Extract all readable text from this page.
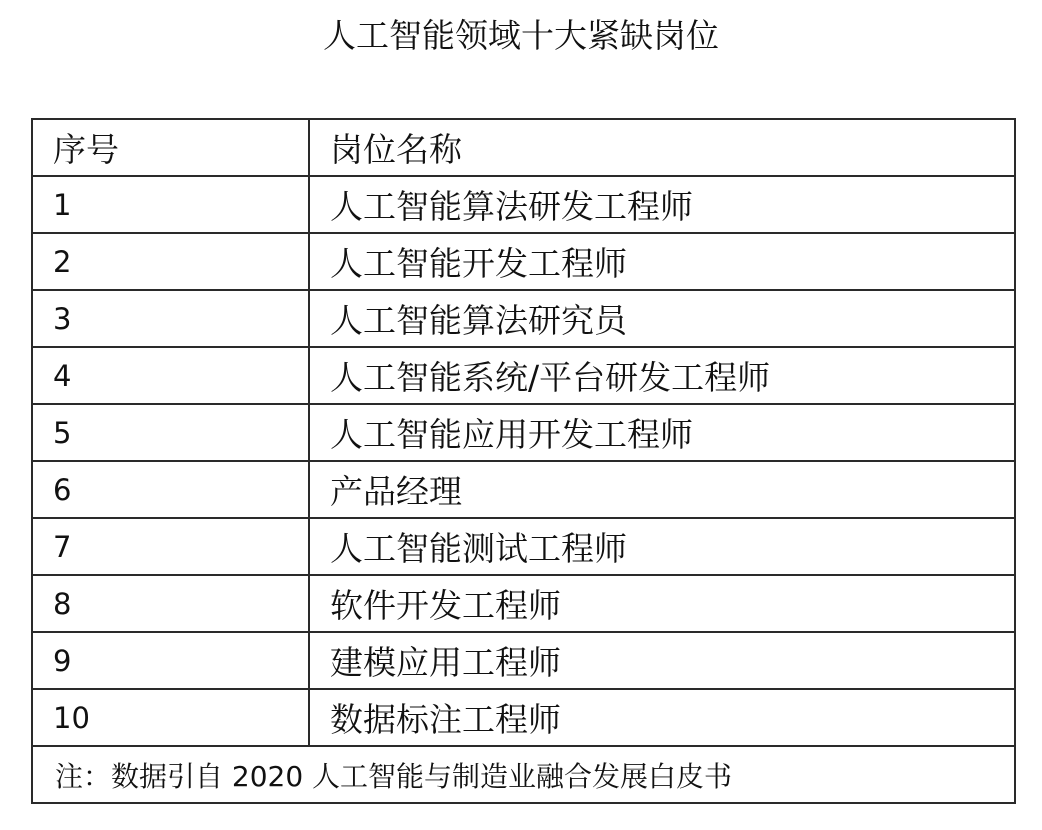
人工智能领域十大紧缺岗位
序号	岗位名称
1	人工智能算法研发工程师
2	人工智能开发工程师
3	人工智能算法研究员
4	人工智能系统/平台研发工程师
5	人工智能应用开发工程师
6	产品经理
7	人工智能测试工程师
8	软件开发工程师
9	建模应用工程师
10	数据标注工程师
注：数据引自 2020 人工智能与制造业融合发展白皮书	
